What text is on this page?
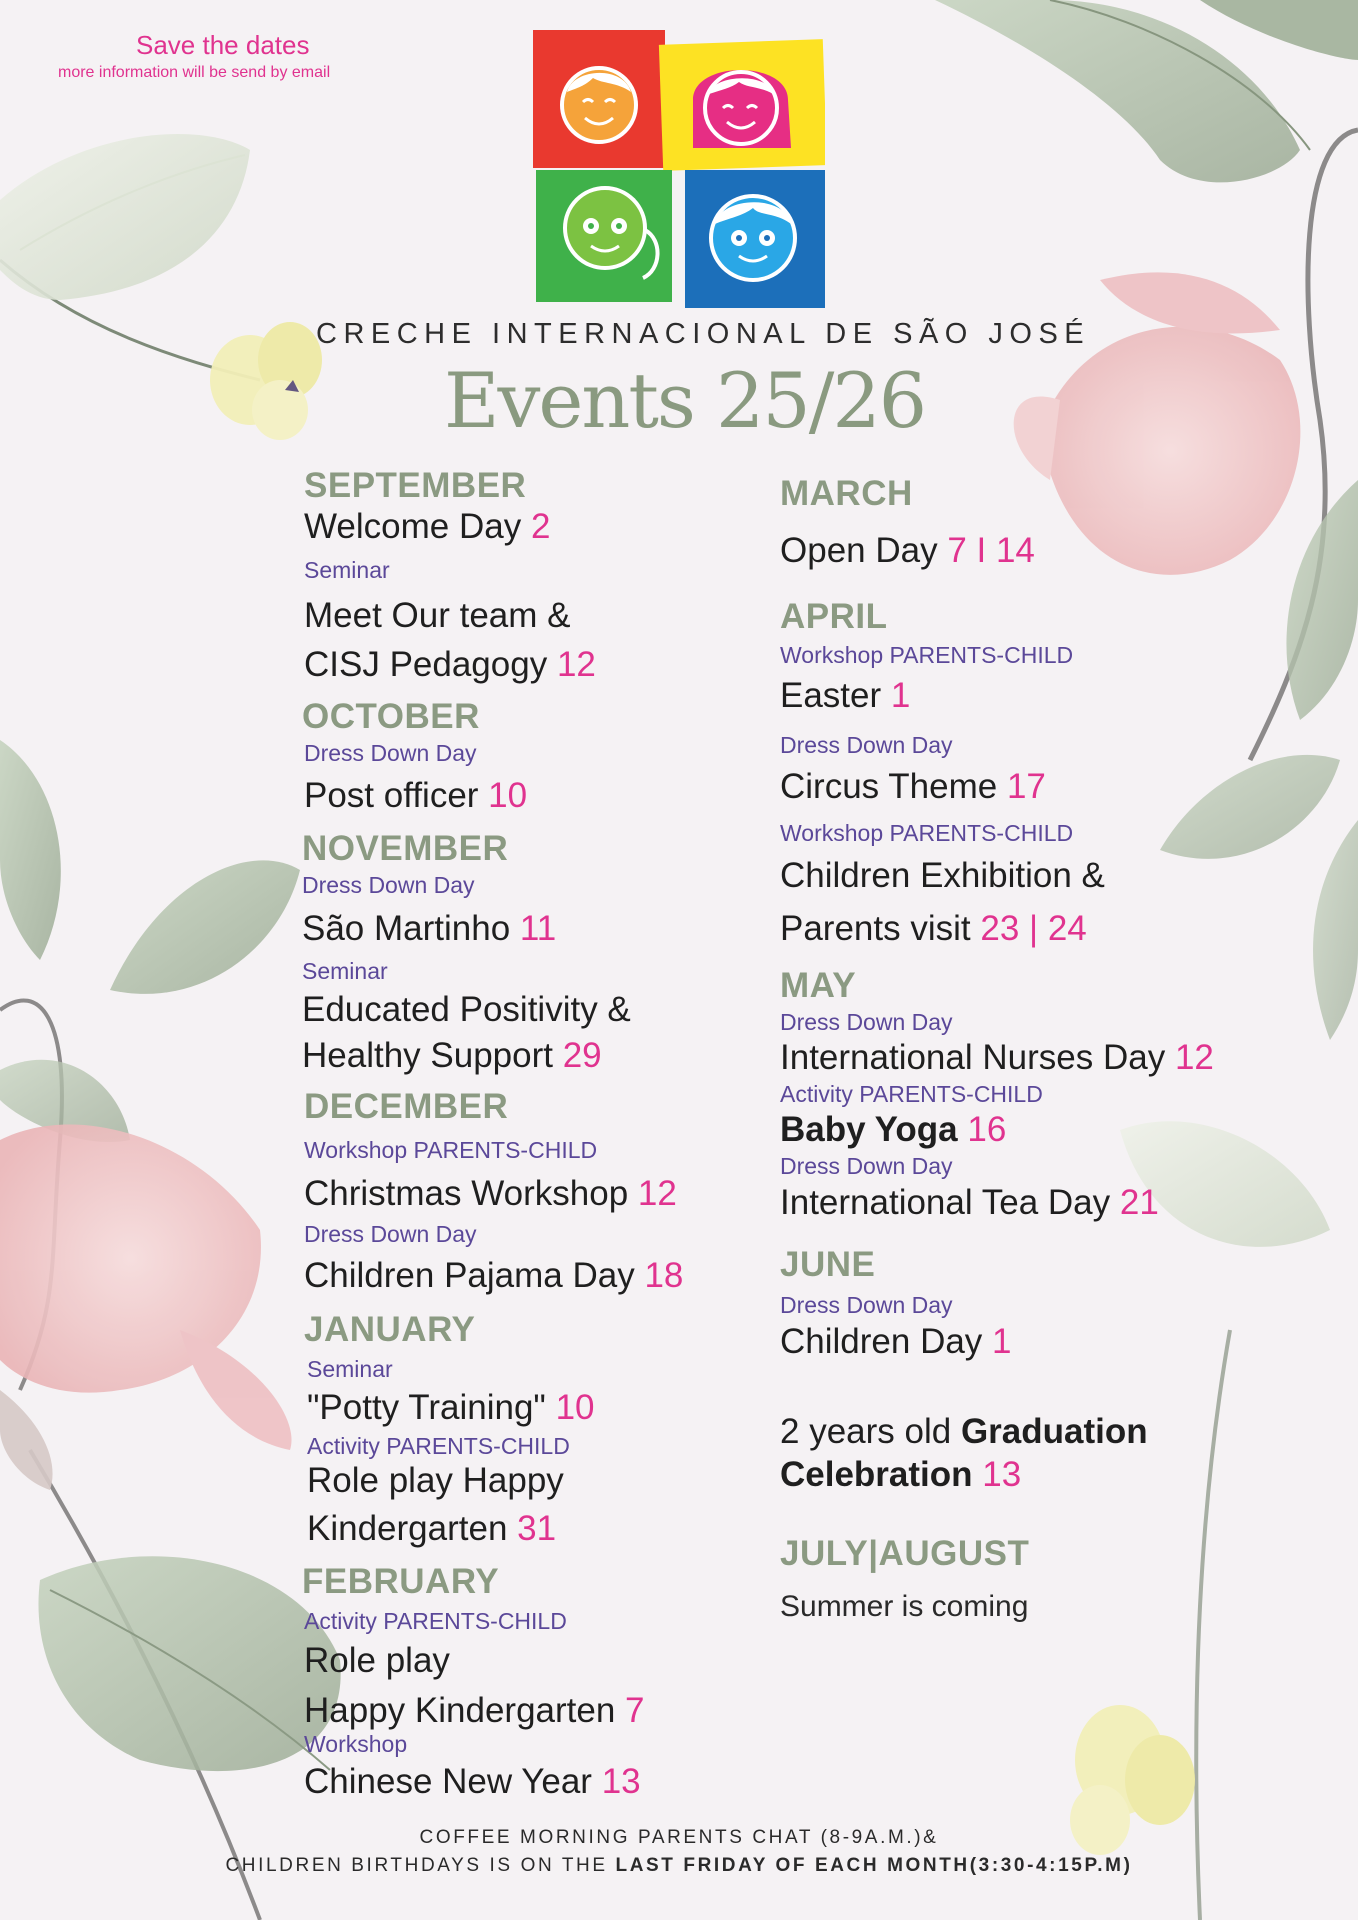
Save the dates
more information will be send by email
CRECHE INTERNACIONAL DE SÃO JOSÉ
Events 25/26
SEPTEMBER
Welcome Day 2
Seminar
Meet Our team &
CISJ Pedagogy 12
OCTOBER
Dress Down Day
Post officer 10
NOVEMBER
Dress Down Day
São Martinho 11
Seminar
Educated Positivity &
Healthy Support 29
DECEMBER
Workshop PARENTS-CHILD
Christmas Workshop 12
Dress Down Day
Children Pajama Day 18
JANUARY
Seminar
"Potty Training" 10
Activity PARENTS-CHILD
Role play Happy
Kindergarten 31
FEBRUARY
Activity PARENTS-CHILD
Role play
Happy Kindergarten 7
Workshop
Chinese New Year 13
MARCH
Open Day 7 I 14
APRIL
Workshop PARENTS-CHILD
Easter 1
Dress Down Day
Circus Theme 17
Workshop PARENTS-CHILD
Children Exhibition &
Parents visit 23 | 24
MAY
Dress Down Day
International Nurses Day 12
Activity PARENTS-CHILD
Baby Yoga 16
Dress Down Day
International Tea Day 21
JUNE
Dress Down Day
Children Day 1
2 years old Graduation
Celebration 13
JULY|AUGUST
Summer is coming
COFFEE MORNING PARENTS CHAT (8-9A.M.)&
CHILDREN BIRTHDAYS IS ON THE LAST FRIDAY OF EACH MONTH(3:30-4:15P.M)
